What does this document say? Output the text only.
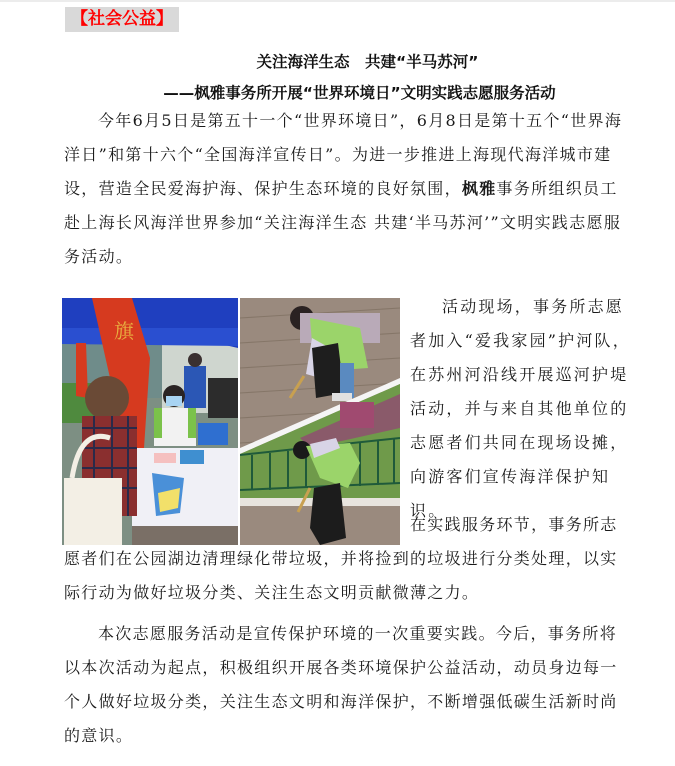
【社会公益】
关注海洋生态　共建“半马苏河”
——枫雅事务所开展“世界环境日”文明实践志愿服务活动

今年6月5日是第五十一个“世界环境日”，6月8日是第十五个“世界海洋日”和第十六个“全国海洋宣传日”。为进一步推进上海现代海洋城市建设，营造全民爱海护海、保护生态环境的良好氛围，枫雅事务所组织员工赴上海长风海洋世界参加“关注海洋生态 共建‘半马苏河’”文明实践志愿服务活动。

旗

活动现场，事务所志愿者加入“爱我家园”护河队，在苏州河沿线开展巡河护堤活动，并与来自其他单位的志愿者们共同在现场设摊，向游客们宣传海洋保护知识。

在实践服务环节，事务所志
愿者们在公园湖边清理绿化带垃圾，并将捡到的垃圾进行分类处理，以实际行动为做好垃圾分类、关注生态文明贡献微薄之力。

本次志愿服务活动是宣传保护环境的一次重要实践。今后，事务所将以本次活动为起点，积极组织开展各类环境保护公益活动，动员身边每一个人做好垃圾分类，关注生态文明和海洋保护，不断增强低碳生活新时尚的意识。
